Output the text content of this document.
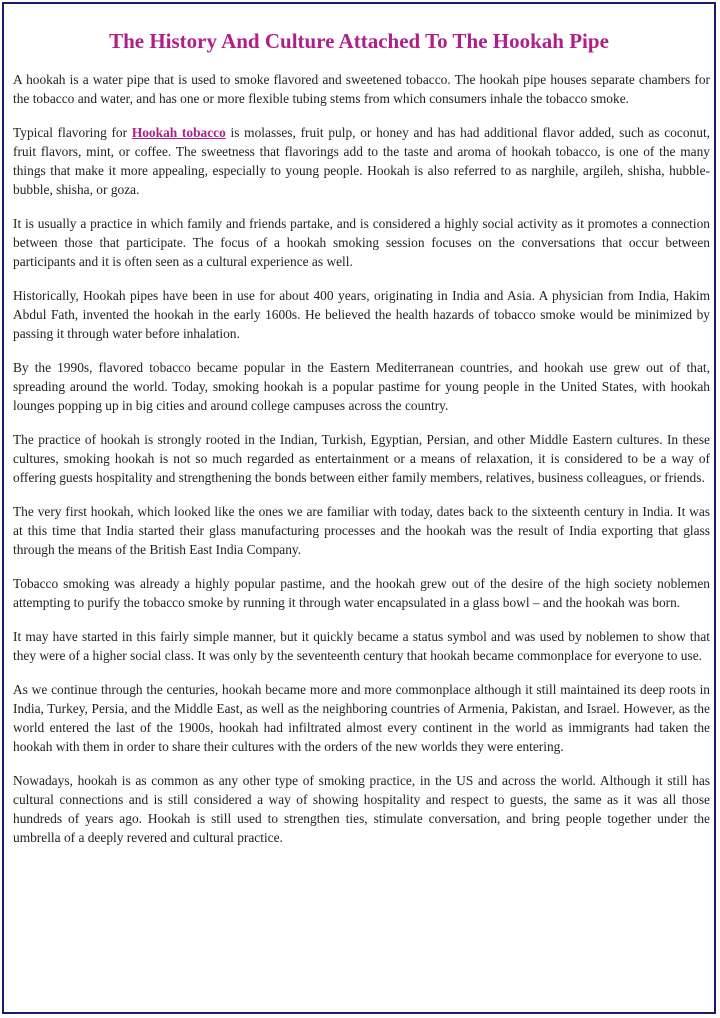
The History And Culture Attached To The Hookah Pipe

A hookah is a water pipe that is used to smoke flavored and sweetened tobacco. The hookah pipe houses separate chambers for the tobacco and water, and has one or more flexible tubing stems from which consumers inhale the tobacco smoke.

Typical flavoring for Hookah tobacco is molasses, fruit pulp, or honey and has had additional flavor added, such as coconut, fruit flavors, mint, or coffee. The sweetness that flavorings add to the taste and aroma of hookah tobacco, is one of the many things that make it more appealing, especially to young people. Hookah is also referred to as narghile, argileh, shisha, hubble-bubble, shisha, or goza.

It is usually a practice in which family and friends partake, and is considered a highly social activity as it promotes a connection between those that participate. The focus of a hookah smoking session focuses on the conversations that occur between participants and it is often seen as a cultural experience as well.

Historically, Hookah pipes have been in use for about 400 years, originating in India and Asia. A physician from India, Hakim Abdul Fath, invented the hookah in the early 1600s. He believed the health hazards of tobacco smoke would be minimized by passing it through water before inhalation.

By the 1990s, flavored tobacco became popular in the Eastern Mediterranean countries, and hookah use grew out of that, spreading around the world. Today, smoking hookah is a popular pastime for young people in the United States, with hookah lounges popping up in big cities and around college campuses across the country.

The practice of hookah is strongly rooted in the Indian, Turkish, Egyptian, Persian, and other Middle Eastern cultures. In these cultures, smoking hookah is not so much regarded as entertainment or a means of relaxation, it is considered to be a way of offering guests hospitality and strengthening the bonds between either family members, relatives, business colleagues, or friends.

The very first hookah, which looked like the ones we are familiar with today, dates back to the sixteenth century in India. It was at this time that India started their glass manufacturing processes and the hookah was the result of India exporting that glass through the means of the British East India Company.

Tobacco smoking was already a highly popular pastime, and the hookah grew out of the desire of the high society noblemen attempting to purify the tobacco smoke by running it through water encapsulated in a glass bowl – and the hookah was born.

It may have started in this fairly simple manner, but it quickly became a status symbol and was used by noblemen to show that they were of a higher social class. It was only by the seventeenth century that hookah became commonplace for everyone to use.

As we continue through the centuries, hookah became more and more commonplace although it still maintained its deep roots in India, Turkey, Persia, and the Middle East, as well as the neighboring countries of Armenia, Pakistan, and Israel. However, as the world entered the last of the 1900s, hookah had infiltrated almost every continent in the world as immigrants had taken the hookah with them in order to share their cultures with the orders of the new worlds they were entering.

Nowadays, hookah is as common as any other type of smoking practice, in the US and across the world. Although it still has cultural connections and is still considered a way of showing hospitality and respect to guests, the same as it was all those hundreds of years ago. Hookah is still used to strengthen ties, stimulate conversation, and bring people together under the umbrella of a deeply revered and cultural practice.
